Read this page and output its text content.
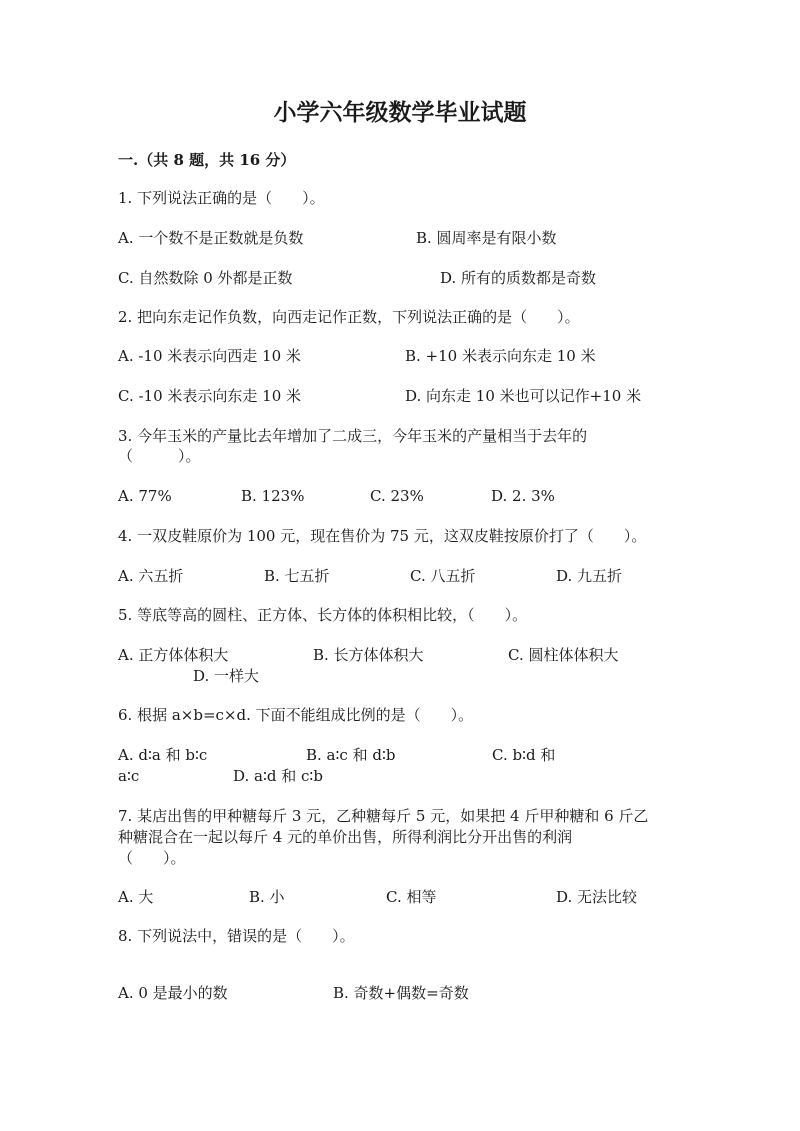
小学六年级数学毕业试题
一.（共 8 题，共 16 分）
1. 下列说法正确的是（　　）。
A. 一个数不是正数就是负数	B. 圆周率是有限小数
C. 自然数除 0 外都是正数	D. 所有的质数都是奇数
2. 把向东走记作负数，向西走记作正数，下列说法正确的是（　　）。
A. -10 米表示向西走 10 米	B. +10 米表示向东走 10 米
C. -10 米表示向东走 10 米	D. 向东走 10 米也可以记作+10 米
3. 今年玉米的产量比去年增加了二成三，今年玉米的产量相当于去年的
（　　　）。
A. 77%	B. 123%	C. 23%	D. 2. 3%
4. 一双皮鞋原价为 100 元，现在售价为 75 元，这双皮鞋按原价打了（　　）。
A. 六五折	B. 七五折	C. 八五折	D. 九五折
5. 等底等高的圆柱、正方体、长方体的体积相比较，（　　）。
A. 正方体体积大	B. 长方体体积大	C. 圆柱体体积大
D. 一样大
6. 根据 a×b=c×d. 下面不能组成比例的是（　　）。
A. d∶a 和 b∶c	B. a∶c 和 d∶b	C. b∶d 和
a∶c	D. a∶d 和 c∶b
7. 某店出售的甲种糖每斤 3 元，乙种糖每斤 5 元，如果把 4 斤甲种糖和 6 斤乙
种糖混合在一起以每斤 4 元的单价出售，所得利润比分开出售的利润
（　　）。
A. 大	B. 小	C. 相等	D. 无法比较
8. 下列说法中，错误的是（　　）。
A. 0 是最小的数	B. 奇数+偶数=奇数
